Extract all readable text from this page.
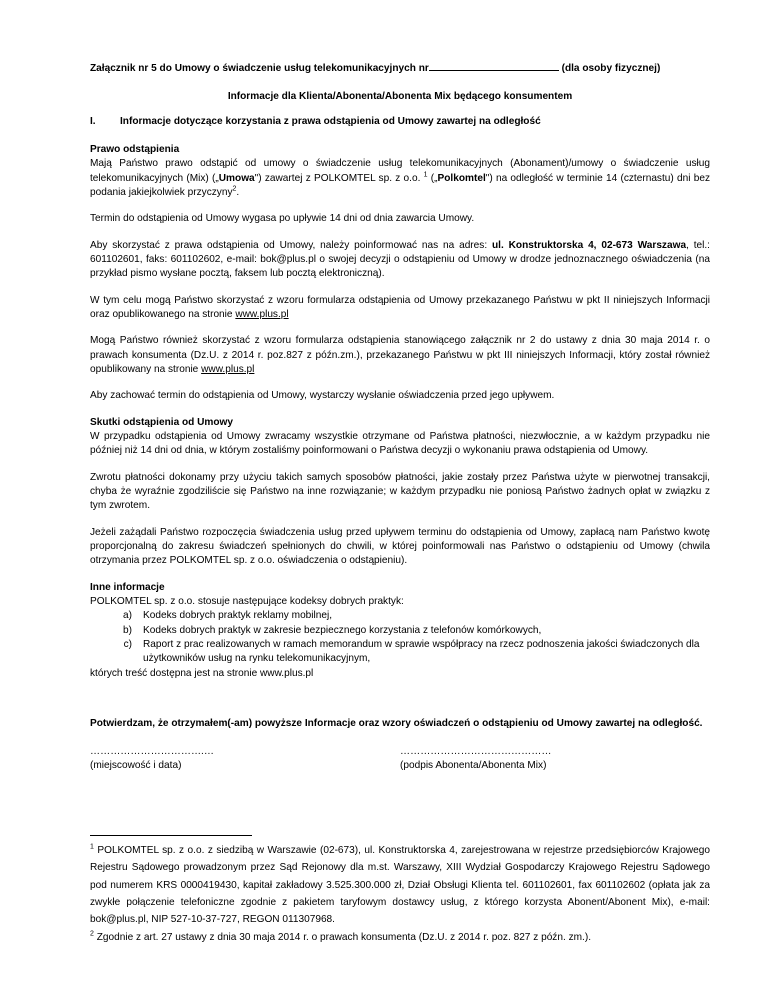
Załącznik nr 5 do Umowy o świadczenie usług telekomunikacyjnych nr	(dla osoby fizycznej)

Informacje dla Klienta/Abonenta/Abonenta Mix będącego konsumentem

I.	Informacje dotyczące korzystania z prawa odstąpienia od Umowy zawartej na odległość

Prawo odstąpienia

Mają Państwo prawo odstąpić od umowy o świadczenie usług telekomunikacyjnych (Abonament)/umowy o świadczenie usług telekomunikacyjnych (Mix) („Umowa") zawartej z POLKOMTEL sp. z o.o. $^1$ („Polkomtel") na odległość w terminie 14 (czternastu) dni bez podania jakiejkolwiek przyczyny$^2$.

Termin do odstąpienia od Umowy wygasa po upływie 14 dni od dnia zawarcia Umowy.

Aby skorzystać z prawa odstąpienia od Umowy, należy poinformować nas na adres: ul. Konstruktorska 4, 02-673 Warszawa, tel.: 601102601, faks: 601102602, e-mail: bok@plus.pl o swojej decyzji o odstąpieniu od Umowy w drodze jednoznacznego oświadczenia (na przykład pismo wysłane pocztą, faksem lub pocztą elektroniczną).

W tym celu mogą Państwo skorzystać z wzoru formularza odstąpienia od Umowy przekazanego Państwu w pkt II niniejszych Informacji oraz opublikowanego na stronie www.plus.pl

Mogą Państwo również skorzystać z wzoru formularza odstąpienia stanowiącego załącznik nr 2 do ustawy z dnia 30 maja 2014 r. o prawach konsumenta (Dz.U. z 2014 r. poz.827 z późn.zm.), przekazanego Państwu w pkt III niniejszych Informacji, który został również opublikowany na stronie www.plus.pl

Aby zachować termin do odstąpienia od Umowy, wystarczy wysłanie oświadczenia przed jego upływem.

Skutki odstąpienia od Umowy

W przypadku odstąpienia od Umowy zwracamy wszystkie otrzymane od Państwa płatności, niezwłocznie, a w każdym przypadku nie później niż 14 dni od dnia, w którym zostaliśmy poinformowani o Państwa decyzji o wykonaniu prawa odstąpienia od Umowy.

Zwrotu płatności dokonamy przy użyciu takich samych sposobów płatności, jakie zostały przez Państwa użyte w pierwotnej transakcji, chyba że wyraźnie zgodziliście się Państwo na inne rozwiązanie; w każdym przypadku nie poniosą Państwo żadnych opłat w związku z tym zwrotem.

Jeżeli zażądali Państwo rozpoczęcia świadczenia usług przed upływem terminu do odstąpienia od Umowy, zapłacą nam Państwo kwotę proporcjonalną do zakresu świadczeń spełnionych do chwili, w której poinformowali nas Państwo o odstąpieniu od Umowy (chwila otrzymania przez POLKOMTEL sp. z o.o. oświadczenia o odstąpieniu).

Inne informacje

POLKOMTEL sp. z o.o. stosuje następujące kodeksy dobrych praktyk:

a)	Kodeks dobrych praktyk reklamy mobilnej,
b)	Kodeks dobrych praktyk w zakresie bezpiecznego korzystania z telefonów komórkowych,
c)	Raport z prac realizowanych w ramach memorandum w sprawie współpracy na rzecz podnoszenia jakości świadczonych dla użytkowników usług na rynku telekomunikacyjnym,

których treść dostępna jest na stronie www.plus.pl

Potwierdzam, że otrzymałem(-am) powyższe Informacje oraz wzory oświadczeń o odstąpieniu od Umowy zawartej na odległość.

…………………………….…
(miejscowość i data)
………………………………………
(podpis Abonenta/Abonenta Mix)

$^1$ POLKOMTEL sp. z o.o. z siedzibą w Warszawie (02-673), ul. Konstruktorska 4, zarejestrowana w rejestrze przedsiębiorców Krajowego Rejestru Sądowego prowadzonym przez Sąd Rejonowy dla m.st. Warszawy, XIII Wydział Gospodarczy Krajowego Rejestru Sądowego pod numerem KRS 0000419430, kapitał zakładowy 3.525.300.000 zł, Dział Obsługi Klienta tel. 601102601, fax 601102602 (opłata jak za zwykłe połączenie telefoniczne zgodnie z pakietem taryfowym dostawcy usług, z którego korzysta Abonent/Abonent Mix), e-mail: bok@plus.pl, NIP 527-10-37-727, REGON 011307968.

$^2$ Zgodnie z art. 27 ustawy z dnia 30 maja 2014 r. o prawach konsumenta (Dz.U. z 2014 r. poz. 827 z późn. zm.).
